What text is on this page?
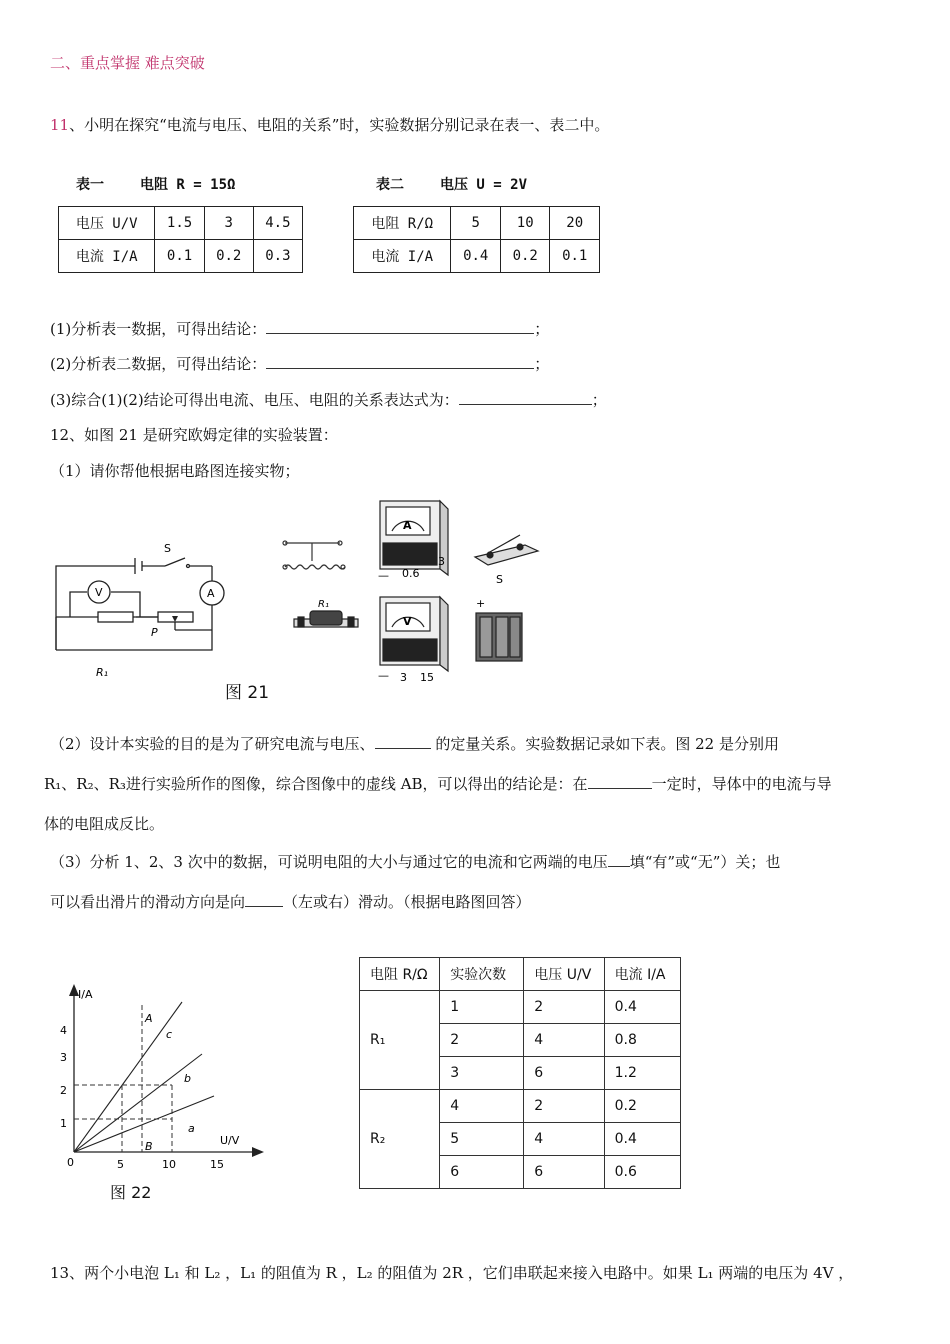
二、重点掌握 难点突破
11、小明在探究“电流与电压、电阻的关系”时，实验数据分别记录在表一、表二中。
表一	电阻 R = 15Ω
电压 U/V	1.5	3	4.5
电流 I/A	0.1	0.2	0.3
表二	电压 U = 2V
电阻 R/Ω	5	10	20
电流 I/A	0.4	0.2	0.1
(1)分析表一数据，可得出结论：	；
(2)分析表二数据，可得出结论：	；
(3)综合(1)(2)结论可得出电流、电压、电阻的关系表达式为：	；
12、如图 21 是研究欧姆定律的实验装置：
（1）请你帮他根据电路图连接实物；
S
A
V
P
R₁
图 21
A
— 0.6
3
S
R₁
V
— 3 15
+
（2）设计本实验的目的是为了研究电流与电压、	的定量关系。实验数据记录如下表。图 22 是分别用
R₁、R₂、R₃进行实验所作的图像，综合图像中的虚线 AB，可以得出的结论是：在	一定时，导体中的电流与导
体的电阻成反比。
（3）分析 1、2、3 次中的数据，可说明电阻的大小与通过它的电流和它两端的电压 填“有”或“无”）关；也
可以看出滑片的滑动方向是向	（左或右）滑动。（根据电路图回答）
I/A
U/V
4
3
2
1
0	5	10	15
c
b
a
A
B
图 22
电阻 R/Ω	实验次数	电压 U/V	电流 I/A
R₁	1	2	0.4
	2	4	0.8
	3	6	1.2
R₂	4	2	0.2
	5	4	0.4
	6	6	0.6
13、两个小电泡 L₁ 和 L₂ ，L₁ 的阻值为 R ，L₂ 的阻值为 2R ，它们串联起来接入电路中。如果 L₁ 两端的电压为 4V ，
